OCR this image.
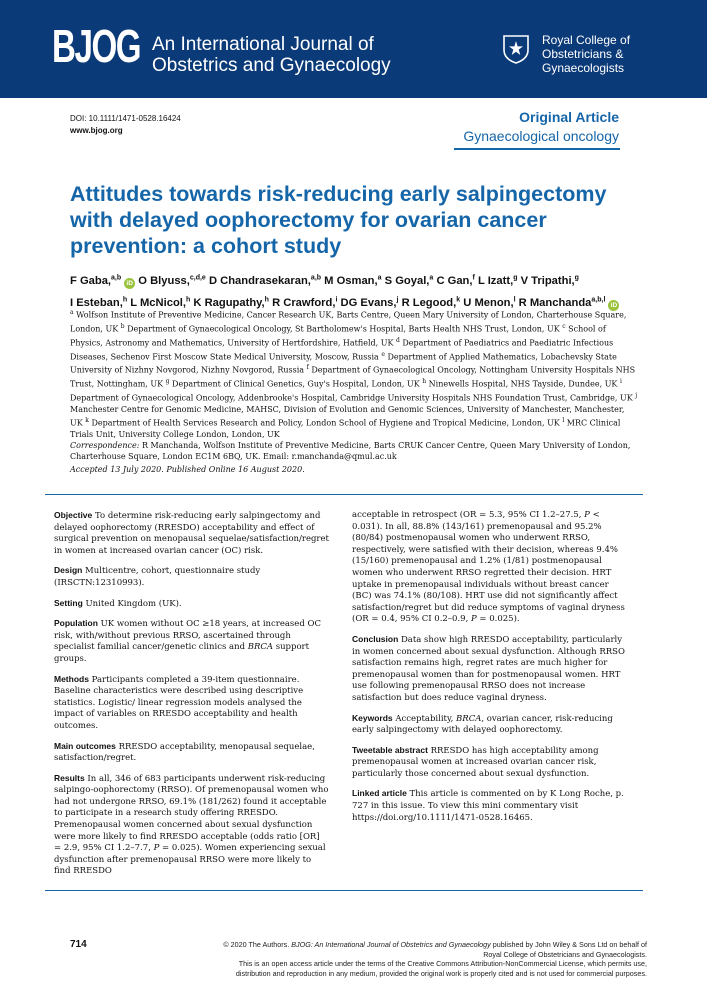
BJOG An International Journal of
Obstetrics and Gynaecology
Royal College of
Obstetricians &
Gynaecologists
DOI: 10.1111/1471-0528.16424
www.bjog.org
Original Article
Gynaecological oncology
Attitudes towards risk-reducing early salpingectomy with delayed oophorectomy for ovarian cancer prevention: a cohort study
F Gaba,$^{a,b}$iD O Blyuss,$^{c,d,e}$ D Chandrasekaran,$^{a,b}$ M Osman,$^a$ S Goyal,$^a$ C Gan,$^f$ L Izatt,$^g$ V Tripathi,$^g$ I Esteban,$^h$ L McNicol,$^h$ K Ragupathy,$^h$ R Crawford,$^i$ DG Evans,$^j$ R Legood,$^k$ U Menon,$^l$ R Manchanda$^{a,b,l}$iD

$^a$ Wolfson Institute of Preventive Medicine, Cancer Research UK, Barts Centre, Queen Mary University of London, Charterhouse Square, London, UK $^b$ Department of Gynaecological Oncology, St Bartholomew's Hospital, Barts Health NHS Trust, London, UK $^c$ School of Physics, Astronomy and Mathematics, University of Hertfordshire, Hatfield, UK $^d$ Department of Paediatrics and Paediatric Infectious Diseases, Sechenov First Moscow State Medical University, Moscow, Russia $^e$ Department of Applied Mathematics, Lobachevsky State University of Nizhny Novgorod, Nizhny Novgorod, Russia $^f$ Department of Gynaecological Oncology, Nottingham University Hospitals NHS Trust, Nottingham, UK $^g$ Department of Clinical Genetics, Guy's Hospital, London, UK $^h$ Ninewells Hospital, NHS Tayside, Dundee, UK $^i$ Department of Gynaecological Oncology, Addenbrooke's Hospital, Cambridge University Hospitals NHS Foundation Trust, Cambridge, UK $^j$ Manchester Centre for Genomic Medicine, MAHSC, Division of Evolution and Genomic Sciences, University of Manchester, Manchester, UK $^k$ Department of Health Services Research and Policy, London School of Hygiene and Tropical Medicine, London, UK $^l$ MRC Clinical Trials Unit, University College London, London, UK

Correspondence: R Manchanda, Wolfson Institute of Preventive Medicine, Barts CRUK Cancer Centre, Queen Mary University of London, Charterhouse Square, London EC1M 6BQ, UK. Email: r.manchanda@qmul.ac.uk

Accepted 13 July 2020. Published Online 16 August 2020.

Objective To determine risk-reducing early salpingectomy and delayed oophorectomy (RRESDO) acceptability and effect of surgical prevention on menopausal sequelae/satisfaction/regret in women at increased ovarian cancer (OC) risk.

Design Multicentre, cohort, questionnaire study (IRSCTN:12310993).

Setting United Kingdom (UK).

Population UK women without OC ≥18 years, at increased OC risk, with/without previous RRSO, ascertained through specialist familial cancer/genetic clinics and BRCA support groups.

Methods Participants completed a 39-item questionnaire. Baseline characteristics were described using descriptive statistics. Logistic/ linear regression models analysed the impact of variables on RRESDO acceptability and health outcomes.

Main outcomes RRESDO acceptability, menopausal sequelae, satisfaction/regret.

Results In all, 346 of 683 participants underwent risk-reducing salpingo-oophorectomy (RRSO). Of premenopausal women who had not undergone RRSO, 69.1% (181/262) found it acceptable to participate in a research study offering RRESDO. Premenopausal women concerned about sexual dysfunction were more likely to find RRESDO acceptable (odds ratio [OR] = 2.9, 95% CI 1.2–7.7, P = 0.025). Women experiencing sexual dysfunction after premenopausal RRSO were more likely to find RRESDO

acceptable in retrospect (OR = 5.3, 95% CI 1.2–27.5, P < 0.031). In all, 88.8% (143/161) premenopausal and 95.2% (80/84) postmenopausal women who underwent RRSO, respectively, were satisfied with their decision, whereas 9.4% (15/160) premenopausal and 1.2% (1/81) postmenopausal women who underwent RRSO regretted their decision. HRT uptake in premenopausal individuals without breast cancer (BC) was 74.1% (80/108). HRT use did not significantly affect satisfaction/regret but did reduce symptoms of vaginal dryness (OR = 0.4, 95% CI 0.2–0.9, P = 0.025).

Conclusion Data show high RRESDO acceptability, particularly in women concerned about sexual dysfunction. Although RRSO satisfaction remains high, regret rates are much higher for premenopausal women than for postmenopausal women. HRT use following premenopausal RRSO does not increase satisfaction but does reduce vaginal dryness.

Keywords Acceptability, BRCA, ovarian cancer, risk-reducing early salpingectomy with delayed oophorectomy.

Tweetable abstract RRESDO has high acceptability among premenopausal women at increased ovarian cancer risk, particularly those concerned about sexual dysfunction.

Linked article This article is commented on by K Long Roche, p. 727 in this issue. To view this mini commentary visit https://doi.org/10.1111/1471-0528.16465.

714	© 2020 The Authors. BJOG: An International Journal of Obstetrics and Gynaecology published by John Wiley & Sons Ltd on behalf of

Royal College of Obstetricians and Gynaecologists.

This is an open access article under the terms of the Creative Commons Attribution-NonCommercial License, which permits use,

distribution and reproduction in any medium, provided the original work is properly cited and is not used for commercial purposes.
